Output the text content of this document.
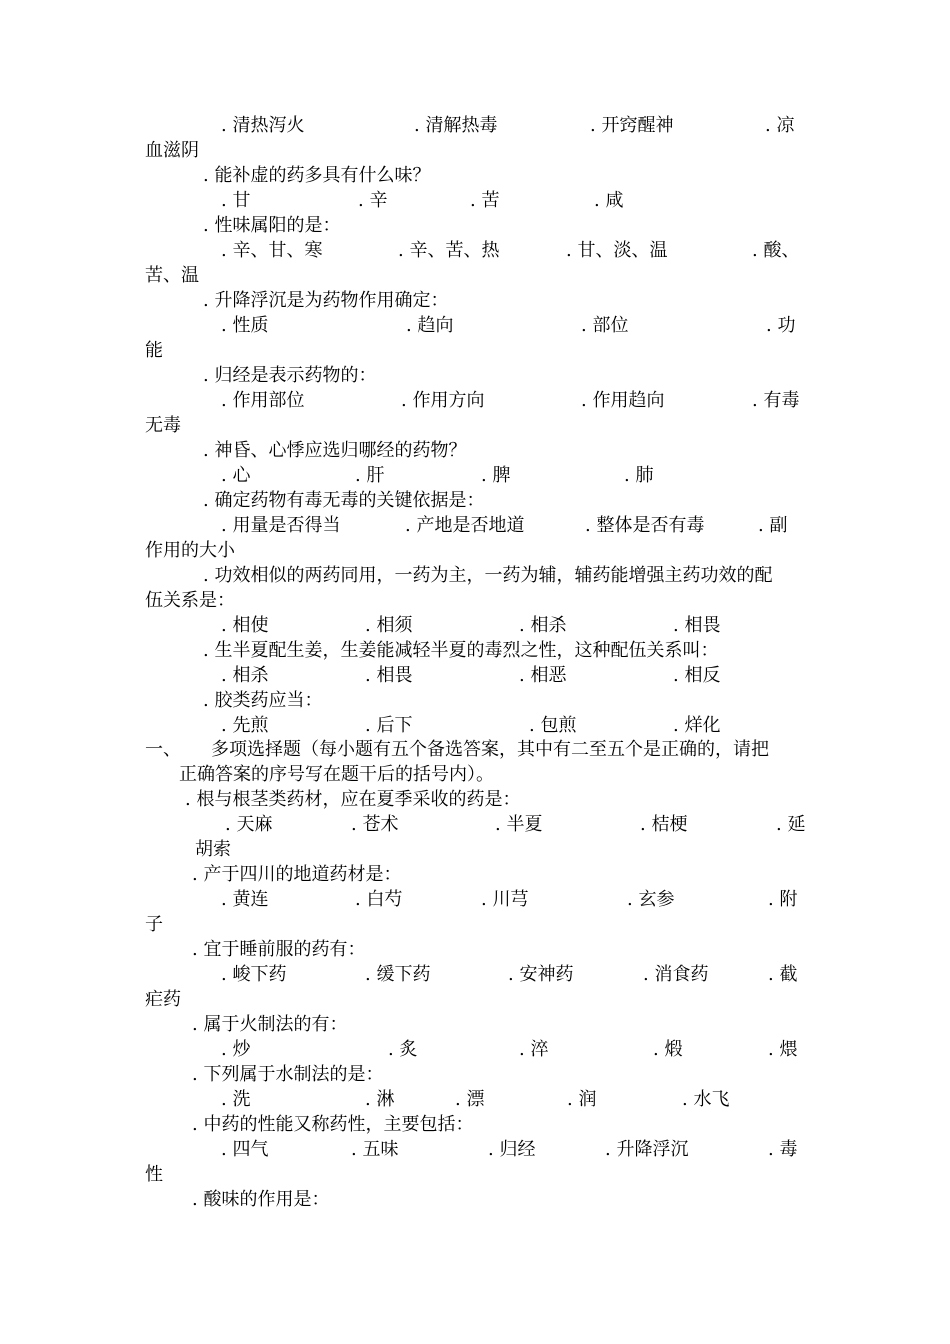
. 清热泻火	. 清解热毒	. 开窍醒神	. 凉
血滋阴
. 能补虚的药多具有什么味？
. 甘	. 辛	. 苦	. 咸
. 性味属阳的是：
. 辛、甘、寒	. 辛、苦、热	. 甘、淡、温	. 酸、
苦、温
. 升降浮沉是为药物作用确定：
. 性质	. 趋向	. 部位	. 功
能
. 归经是表示药物的：
. 作用部位	. 作用方向	. 作用趋向	. 有毒
无毒
. 神昏、心悸应选归哪经的药物？
. 心	. 肝	. 脾	. 肺
. 确定药物有毒无毒的关键依据是：
. 用量是否得当	. 产地是否地道	. 整体是否有毒	. 副
作用的大小
. 功效相似的两药同用，一药为主，一药为辅，辅药能增强主药功效的配
伍关系是：
. 相使	. 相须	. 相杀	. 相畏
. 生半夏配生姜，生姜能减轻半夏的毒烈之性，这种配伍关系叫：
. 相杀	. 相畏	. 相恶	. 相反
. 胶类药应当：
. 先煎	. 后下	. 包煎	. 烊化
一、 多项选择题（每小题有五个备选答案，其中有二至五个是正确的，请把
正确答案的序号写在题干后的括号内）。
. 根与根茎类药材，应在夏季采收的药是：
. 天麻	. 苍术	. 半夏	. 桔梗	. 延
胡索
. 产于四川的地道药材是：
. 黄连	. 白芍	. 川芎	. 玄参	. 附
子
. 宜于睡前服的药有：
. 峻下药	. 缓下药	. 安神药	. 消食药	. 截
疟药
. 属于火制法的有：
. 炒	. 炙	. 淬	. 煅	. 煨
. 下列属于水制法的是：
. 洗	. 淋	. 漂	. 润	. 水飞
. 中药的性能又称药性，主要包括：
. 四气	. 五味	. 归经	. 升降浮沉	. 毒
性
. 酸味的作用是：
